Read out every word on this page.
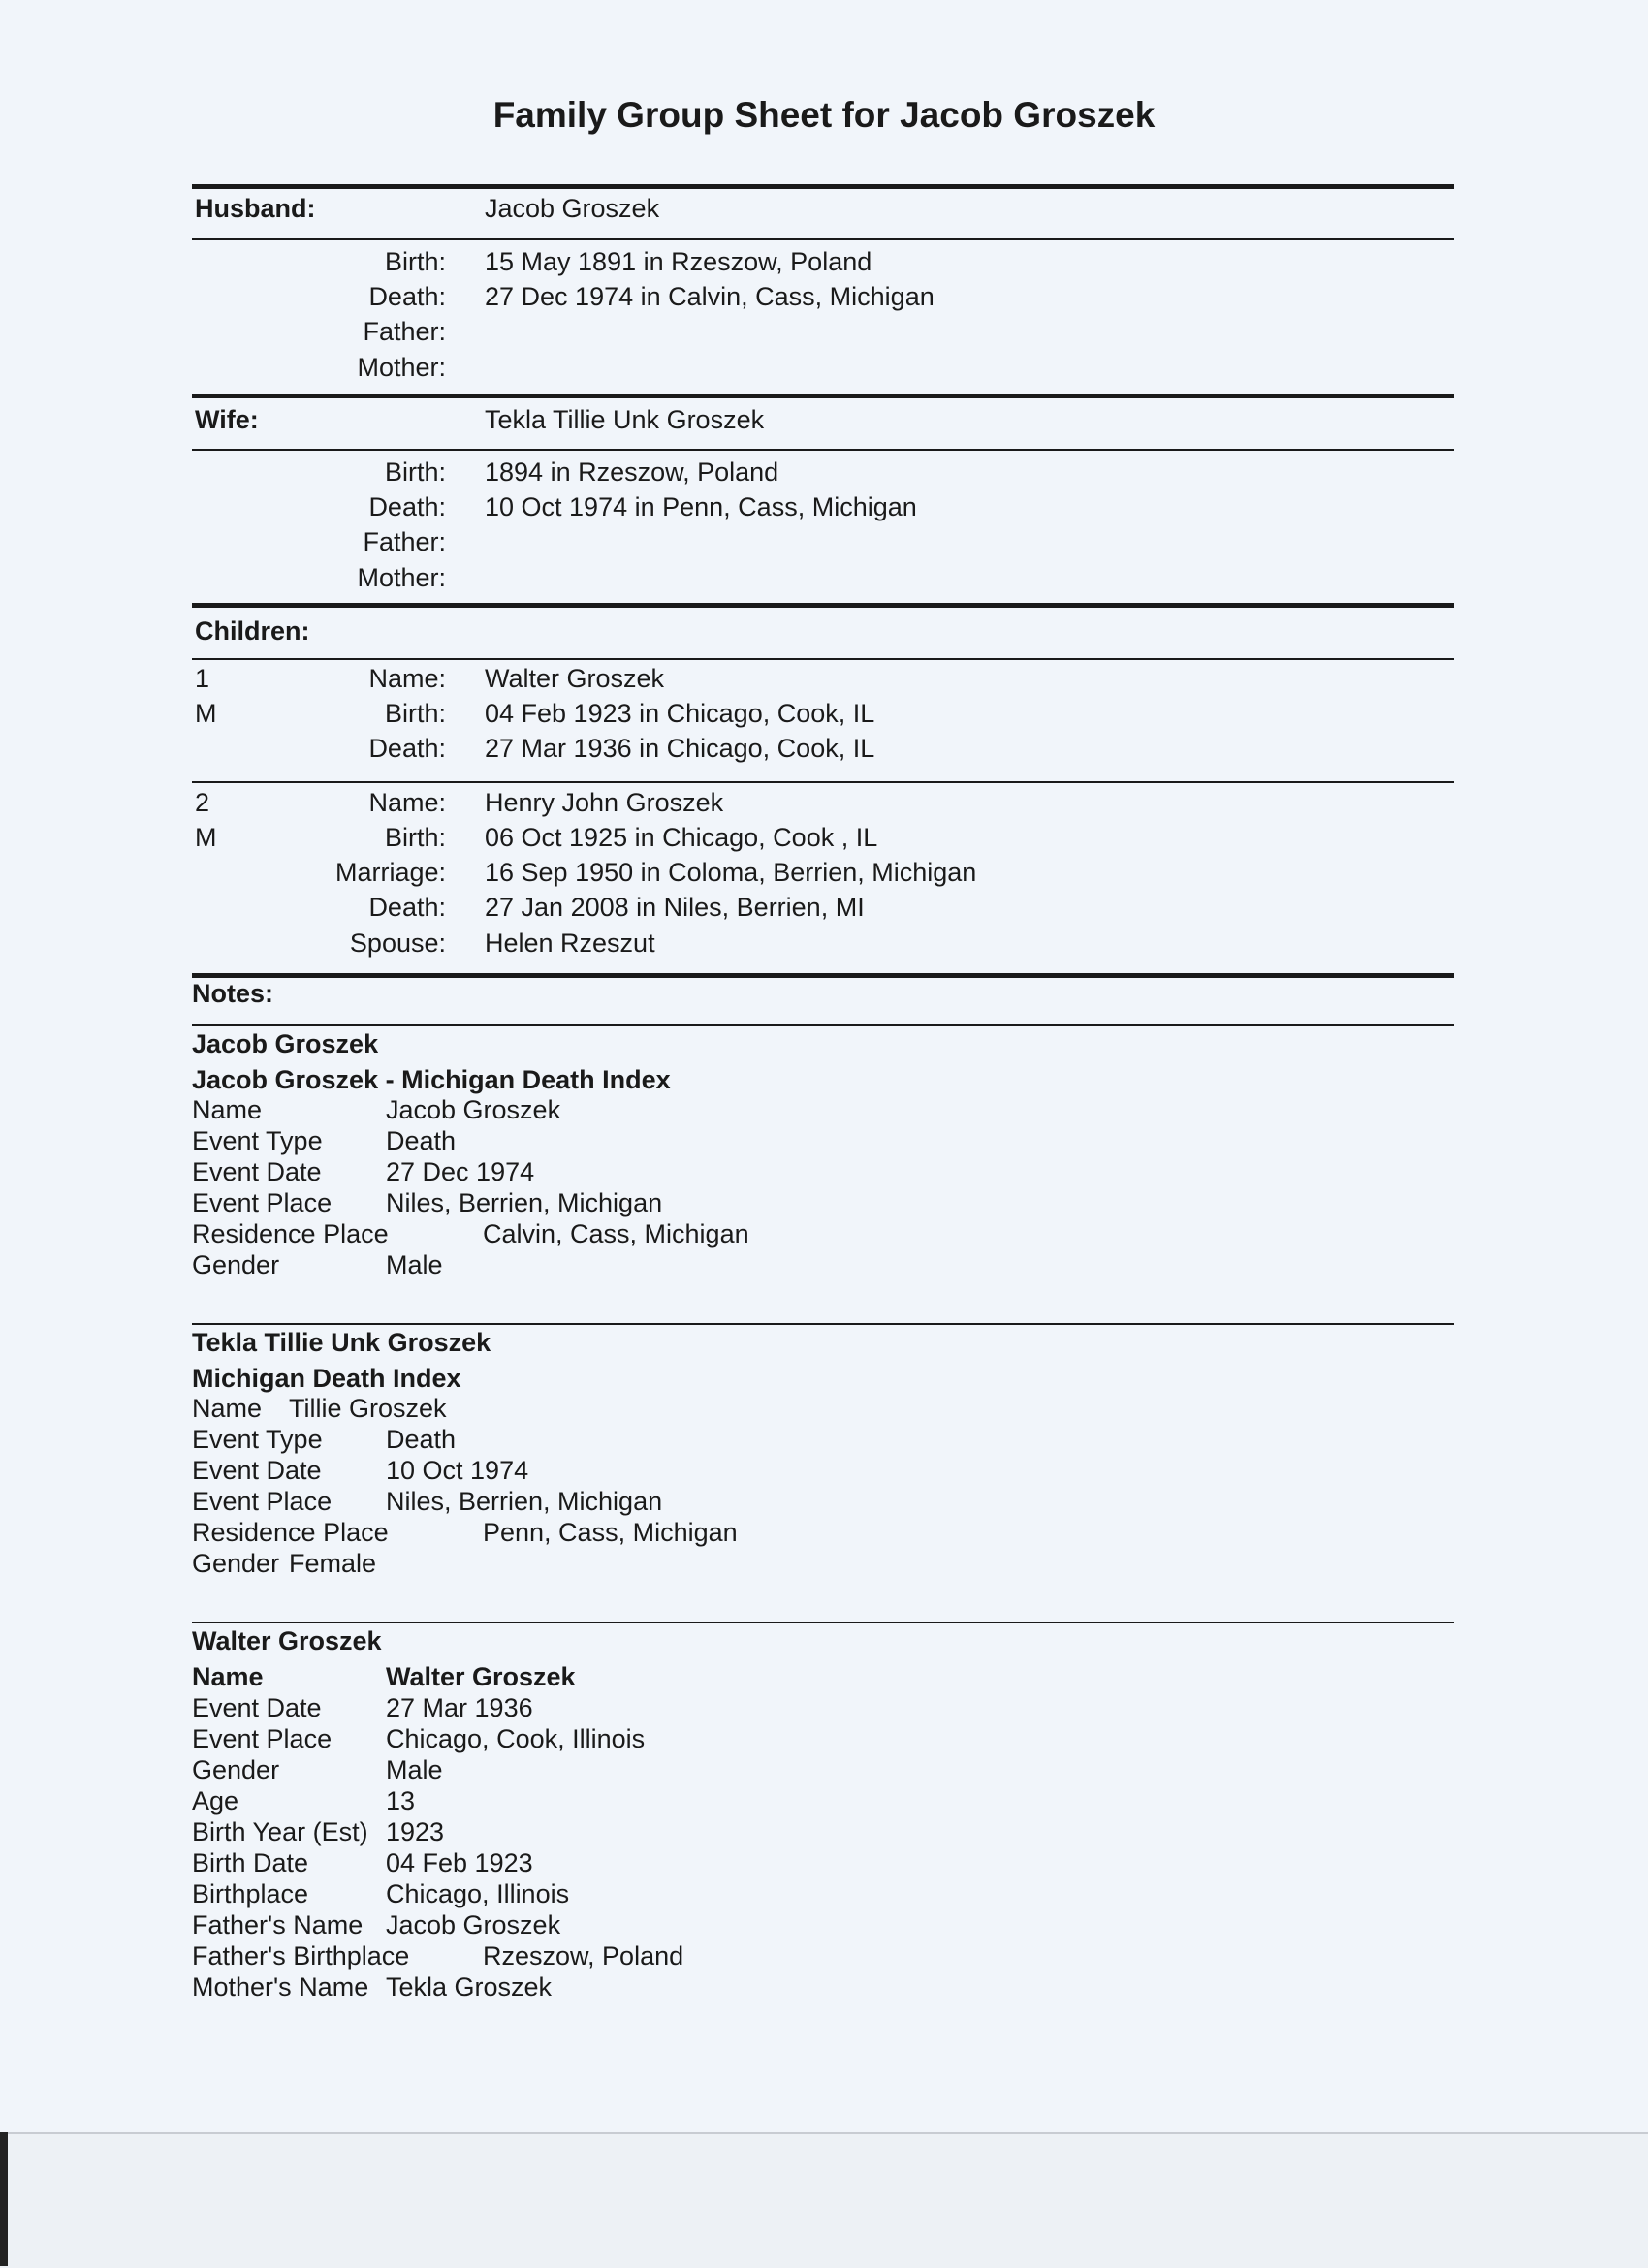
Family Group Sheet for Jacob Groszek
Husband:	Jacob Groszek
Birth: 15 May 1891 in Rzeszow, Poland
Death: 27 Dec 1974 in Calvin, Cass, Michigan
Father:
Mother:
Wife:	Tekla Tillie Unk Groszek
Birth: 1894 in Rzeszow, Poland
Death: 10 Oct 1974 in Penn, Cass, Michigan
Father:
Mother:
Children:
1
M
Name: Walter Groszek
Birth: 04 Feb 1923 in Chicago, Cook, IL
Death: 27 Mar 1936 in Chicago, Cook, IL
2
M
Name: Henry John Groszek
Birth: 06 Oct 1925 in Chicago, Cook , IL
Marriage: 16 Sep 1950 in Coloma, Berrien, Michigan
Death: 27 Jan 2008 in Niles, Berrien, MI
Spouse: Helen Rzeszut
Notes:
Jacob Groszek
Jacob Groszek - Michigan Death Index
Name	Jacob Groszek
Event Type Death
Event Date 27 Dec 1974
Event Place Niles, Berrien, Michigan
Residence Place	Calvin, Cass, Michigan
Gender	Male
Tekla Tillie Unk Groszek
Michigan Death Index
Name Tillie Groszek
Event Type Death
Event Date 10 Oct 1974
Event Place Niles, Berrien, Michigan
Residence Place	Penn, Cass, Michigan
Gender Female
Walter Groszek
Name	Walter Groszek
Event Date 27 Mar 1936
Event Place Chicago, Cook, Illinois
Gender	Male
Age	13
Birth Year (Est) 1923
Birth Date	04 Feb 1923
Birthplace	Chicago, Illinois
Father's Name Jacob Groszek
Father's Birthplace	Rzeszow, Poland
Mother's Name Tekla Groszek
